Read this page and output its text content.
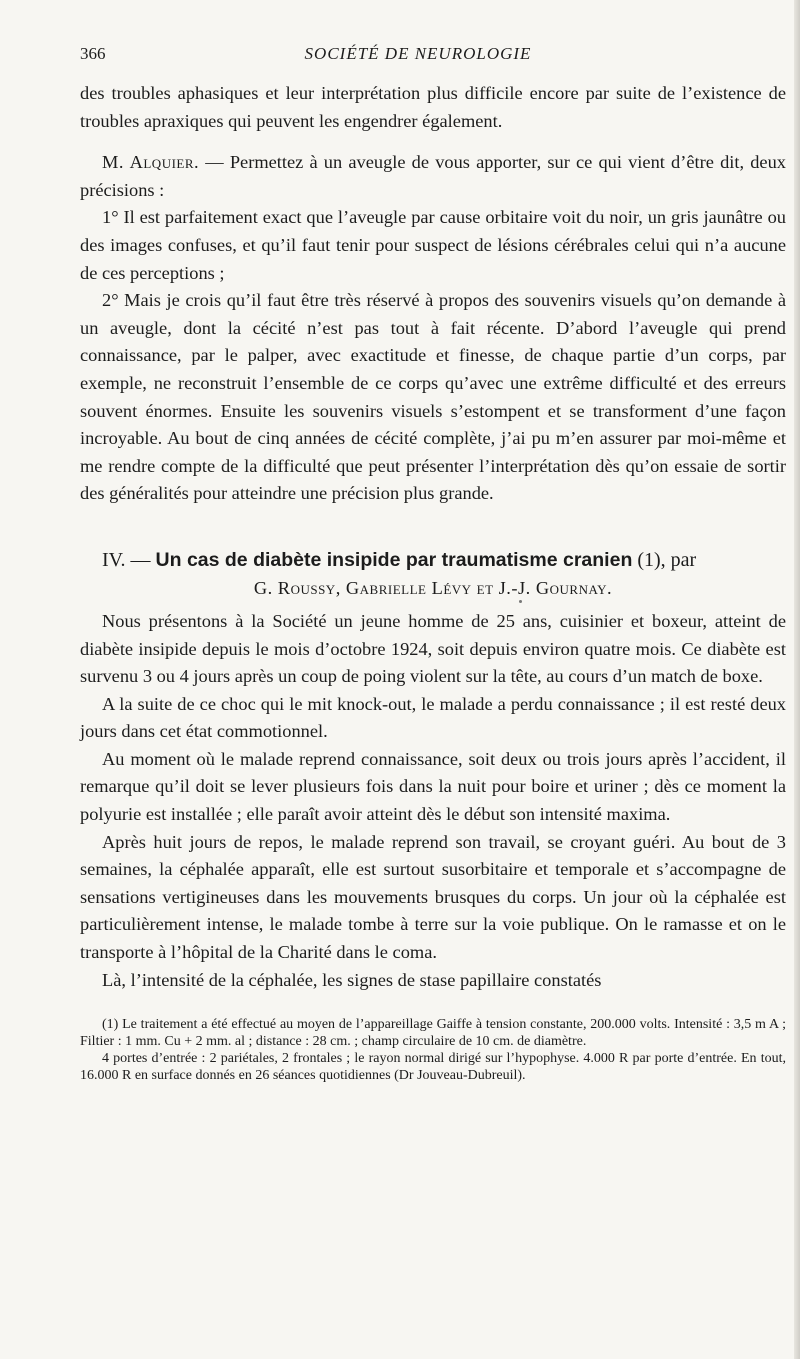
366	SOCIÉTÉ DE NEUROLOGIE

des troubles aphasiques et leur interprétation plus difficile encore par suite de l’existence de troubles apraxiques qui peuvent les engendrer également.

M. Alquier. — Permettez à un aveugle de vous apporter, sur ce qui vient d’être dit, deux précisions :

1° Il est parfaitement exact que l’aveugle par cause orbitaire voit du noir, un gris jaunâtre ou des images confuses, et qu’il faut tenir pour suspect de lésions cérébrales celui qui n’a aucune de ces perceptions ;

2° Mais je crois qu’il faut être très réservé à propos des souvenirs visuels qu’on demande à un aveugle, dont la cécité n’est pas tout à fait récente. D’abord l’aveugle qui prend connaissance, par le palper, avec exactitude et finesse, de chaque partie d’un corps, par exemple, ne reconstruit l’ensemble de ce corps qu’avec une extrême difficulté et des erreurs souvent énormes. Ensuite les souvenirs visuels s’estompent et se transforment d’une façon incroyable. Au bout de cinq années de cécité complète, j’ai pu m’en assurer par moi-même et me rendre compte de la difficulté que peut présenter l’interprétation dès qu’on essaie de sortir des généralités pour atteindre une précision plus grande.

IV. — Un cas de diabète insipide par traumatisme cranien (1), par

G. Roussy, Gabrielle Lévy et J.-J. Gournay.

Nous présentons à la Société un jeune homme de 25 ans, cuisinier et boxeur, atteint de diabète insipide depuis le mois d’octobre 1924, soit depuis environ quatre mois. Ce diabète est survenu 3 ou 4 jours après un coup de poing violent sur la tête, au cours d’un match de boxe.

A la suite de ce choc qui le mit knock-out, le malade a perdu connaissance ; il est resté deux jours dans cet état commotionnel.

Au moment où le malade reprend connaissance, soit deux ou trois jours après l’accident, il remarque qu’il doit se lever plusieurs fois dans la nuit pour boire et uriner ; dès ce moment la polyurie est installée ; elle paraît avoir atteint dès le début son intensité maxima.

Après huit jours de repos, le malade reprend son travail, se croyant guéri. Au bout de 3 semaines, la céphalée apparaît, elle est surtout susorbitaire et temporale et s’accompagne de sensations vertigineuses dans les mouvements brusques du corps. Un jour où la céphalée est particulièrement intense, le malade tombe à terre sur la voie publique. On le ramasse et on le transporte à l’hôpital de la Charité dans le coma.

Là, l’intensité de la céphalée, les signes de stase papillaire constatés

(1) Le traitement a été effectué au moyen de l’appareillage Gaiffe à tension constante, 200.000 volts. Intensité : 3,5 m A ; Filtier : 1 mm. Cu + 2 mm. al ; distance : 28 cm. ; champ circulaire de 10 cm. de diamètre.

4 portes d’entrée : 2 pariétales, 2 frontales ; le rayon normal dirigé sur l’hypophyse. 4.000 R par porte d’entrée. En tout, 16.000 R en surface donnés en 26 séances quotidiennes (Dr Jouveau-Dubreuil).
